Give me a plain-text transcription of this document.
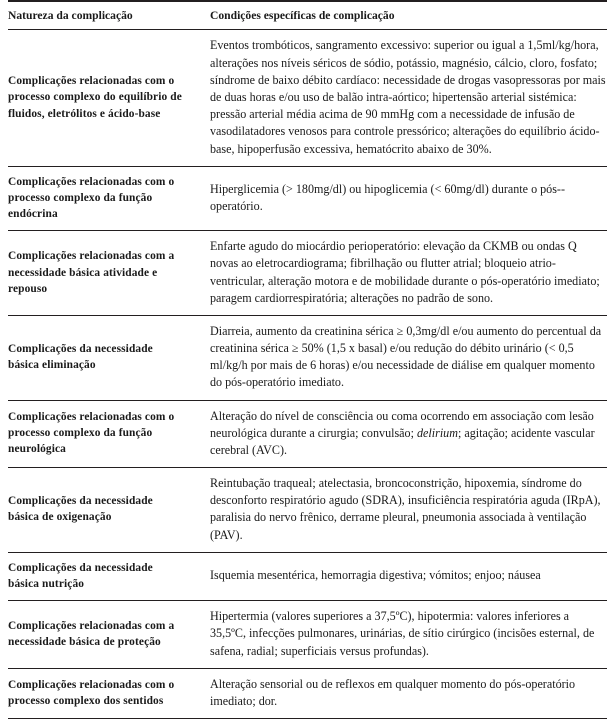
Natureza da complicação	Condições específicas de complicação
Complicações relacionadas com o processo complexo do equilíbrio de fluidos, eletrólitos e ácido-base	Eventos trombóticos, sangramento excessivo: superior ou igual a 1,5ml/kg/hora, alterações nos níveis séricos de sódio, potássio, magnésio, cálcio, cloro, fosfato; síndrome de baixo débito cardíaco: necessidade de drogas vasopressoras por mais de duas horas e/ou uso de balão intra-aórtico; hipertensão arterial sistémica: pressão arterial média acima de 90 mmHg com a necessidade de infusão de vasodilatadores venosos para controle pressórico; alterações do equilíbrio ácido-base, hipoperfusão excessiva, hematócrito abaixo de 30%.
Complicações relacionadas com o processo complexo da função endócrina	Hiperglicemia (> 180mg/dl) ou hipoglicemia (< 60mg/dl) durante o pós--operatório.
Complicações relacionadas com a necessidade básica atividade e repouso	Enfarte agudo do miocárdio perioperatório: elevação da CKMB ou ondas Q novas ao eletrocardiograma; fibrilhação ou flutter atrial; bloqueio atrio-ventricular, alteração motora e de mobilidade durante o pós-operatório imediato; paragem cardiorrespiratória; alterações no padrão de sono.
Complicações da necessidade básica eliminação	Diarreia, aumento da creatinina sérica ≥ 0,3mg/dl e/ou aumento do percentual da creatinina sérica ≥ 50% (1,5 x basal) e/ou redução do débito urinário (< 0,5 ml/kg/h por mais de 6 horas) e/ou necessidade de diálise em qualquer momento do pós-operatório imediato.
Complicações relacionadas com o processo complexo da função neurológica	Alteração do nível de consciência ou coma ocorrendo em associação com lesão neurológica durante a cirurgia; convulsão; delirium; agitação; acidente vascular cerebral (AVC).
Complicações da necessidade básica de oxigenação	Reintubação traqueal; atelectasia, broncoconstrição, hipoxemia, síndrome do desconforto respiratório agudo (SDRA), insuficiência respiratória aguda (IRpA), paralisia do nervo frênico, derrame pleural, pneumonia associada à ventilação (PAV).
Complicações da necessidade básica nutrição	Isquemia mesentérica, hemorragia digestiva; vómitos; enjoo; náusea
Complicações relacionadas com a necessidade básica de proteção	Hipertermia (valores superiores a 37,5ºC), hipotermia: valores inferiores a 35,5ºC, infecções pulmonares, urinárias, de sítio cirúrgico (incisões esternal, de safena, radial; superficiais versus profundas).
Complicações relacionadas com o processo complexo dos sentidos	Alteração sensorial ou de reflexos em qualquer momento do pós-operatório imediato; dor.
